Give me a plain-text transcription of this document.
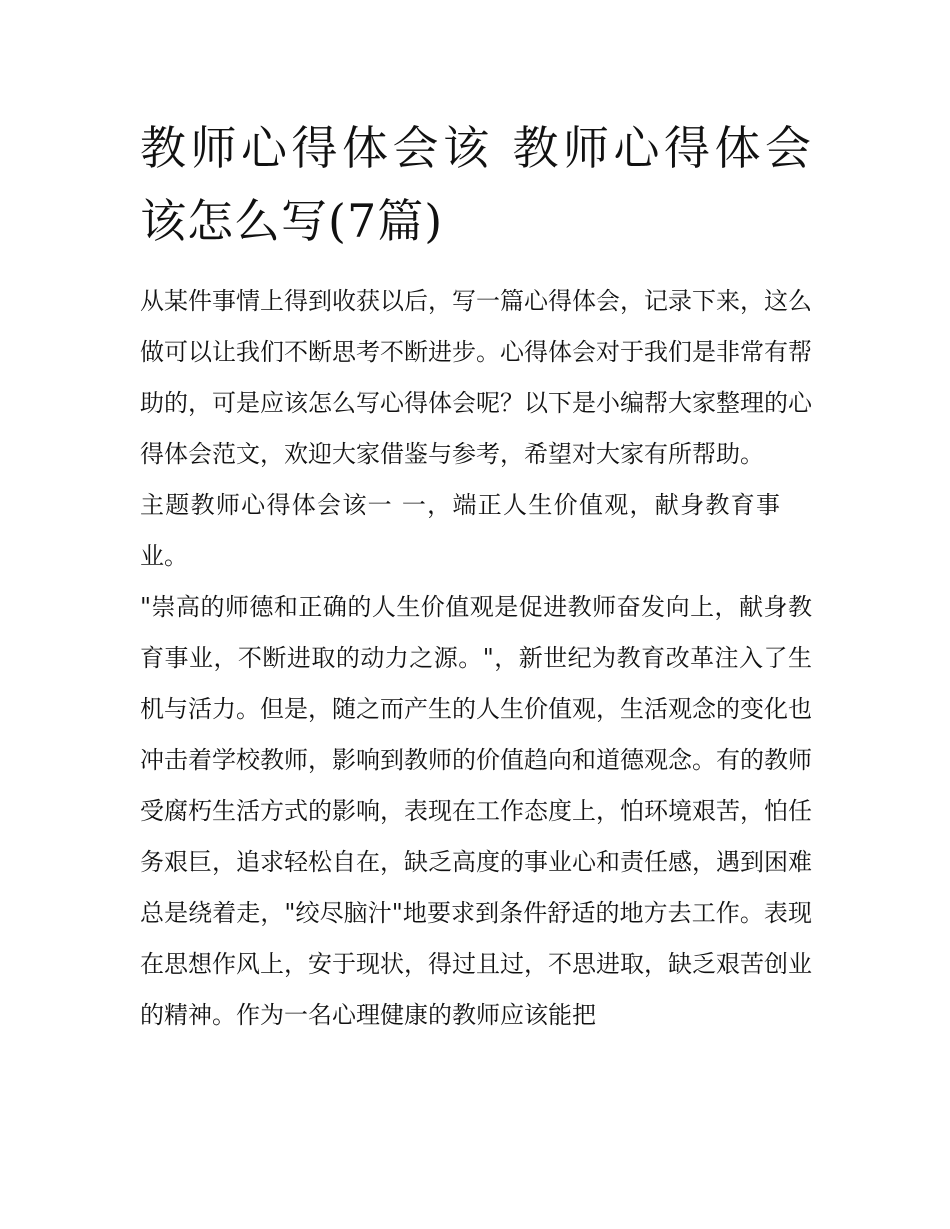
教师心得体会该 教师心得体会该怎么写(7篇)

从某件事情上得到收获以后，写一篇心得体会，记录下来，这么做可以让我们不断思考不断进步。心得体会对于我们是非常有帮助的，可是应该怎么写心得体会呢？以下是小编帮大家整理的心得体会范文，欢迎大家借鉴与参考，希望对大家有所帮助。

主题教师心得体会该一 一，端正人生价值观，献身教育事业。

"崇高的师德和正确的人生价值观是促进教师奋发向上，献身教育事业，不断进取的动力之源。"，新世纪为教育改革注入了生机与活力。但是，随之而产生的人生价值观，生活观念的变化也冲击着学校教师，影响到教师的价值趋向和道德观念。有的教师受腐朽生活方式的影响，表现在工作态度上，怕环境艰苦，怕任务艰巨，追求轻松自在，缺乏高度的事业心和责任感，遇到困难总是绕着走，"绞尽脑汁"地要求到条件舒适的地方去工作。表现在思想作风上，安于现状，得过且过，不思进取，缺乏艰苦创业的精神。作为一名心理健康的教师应该能把
